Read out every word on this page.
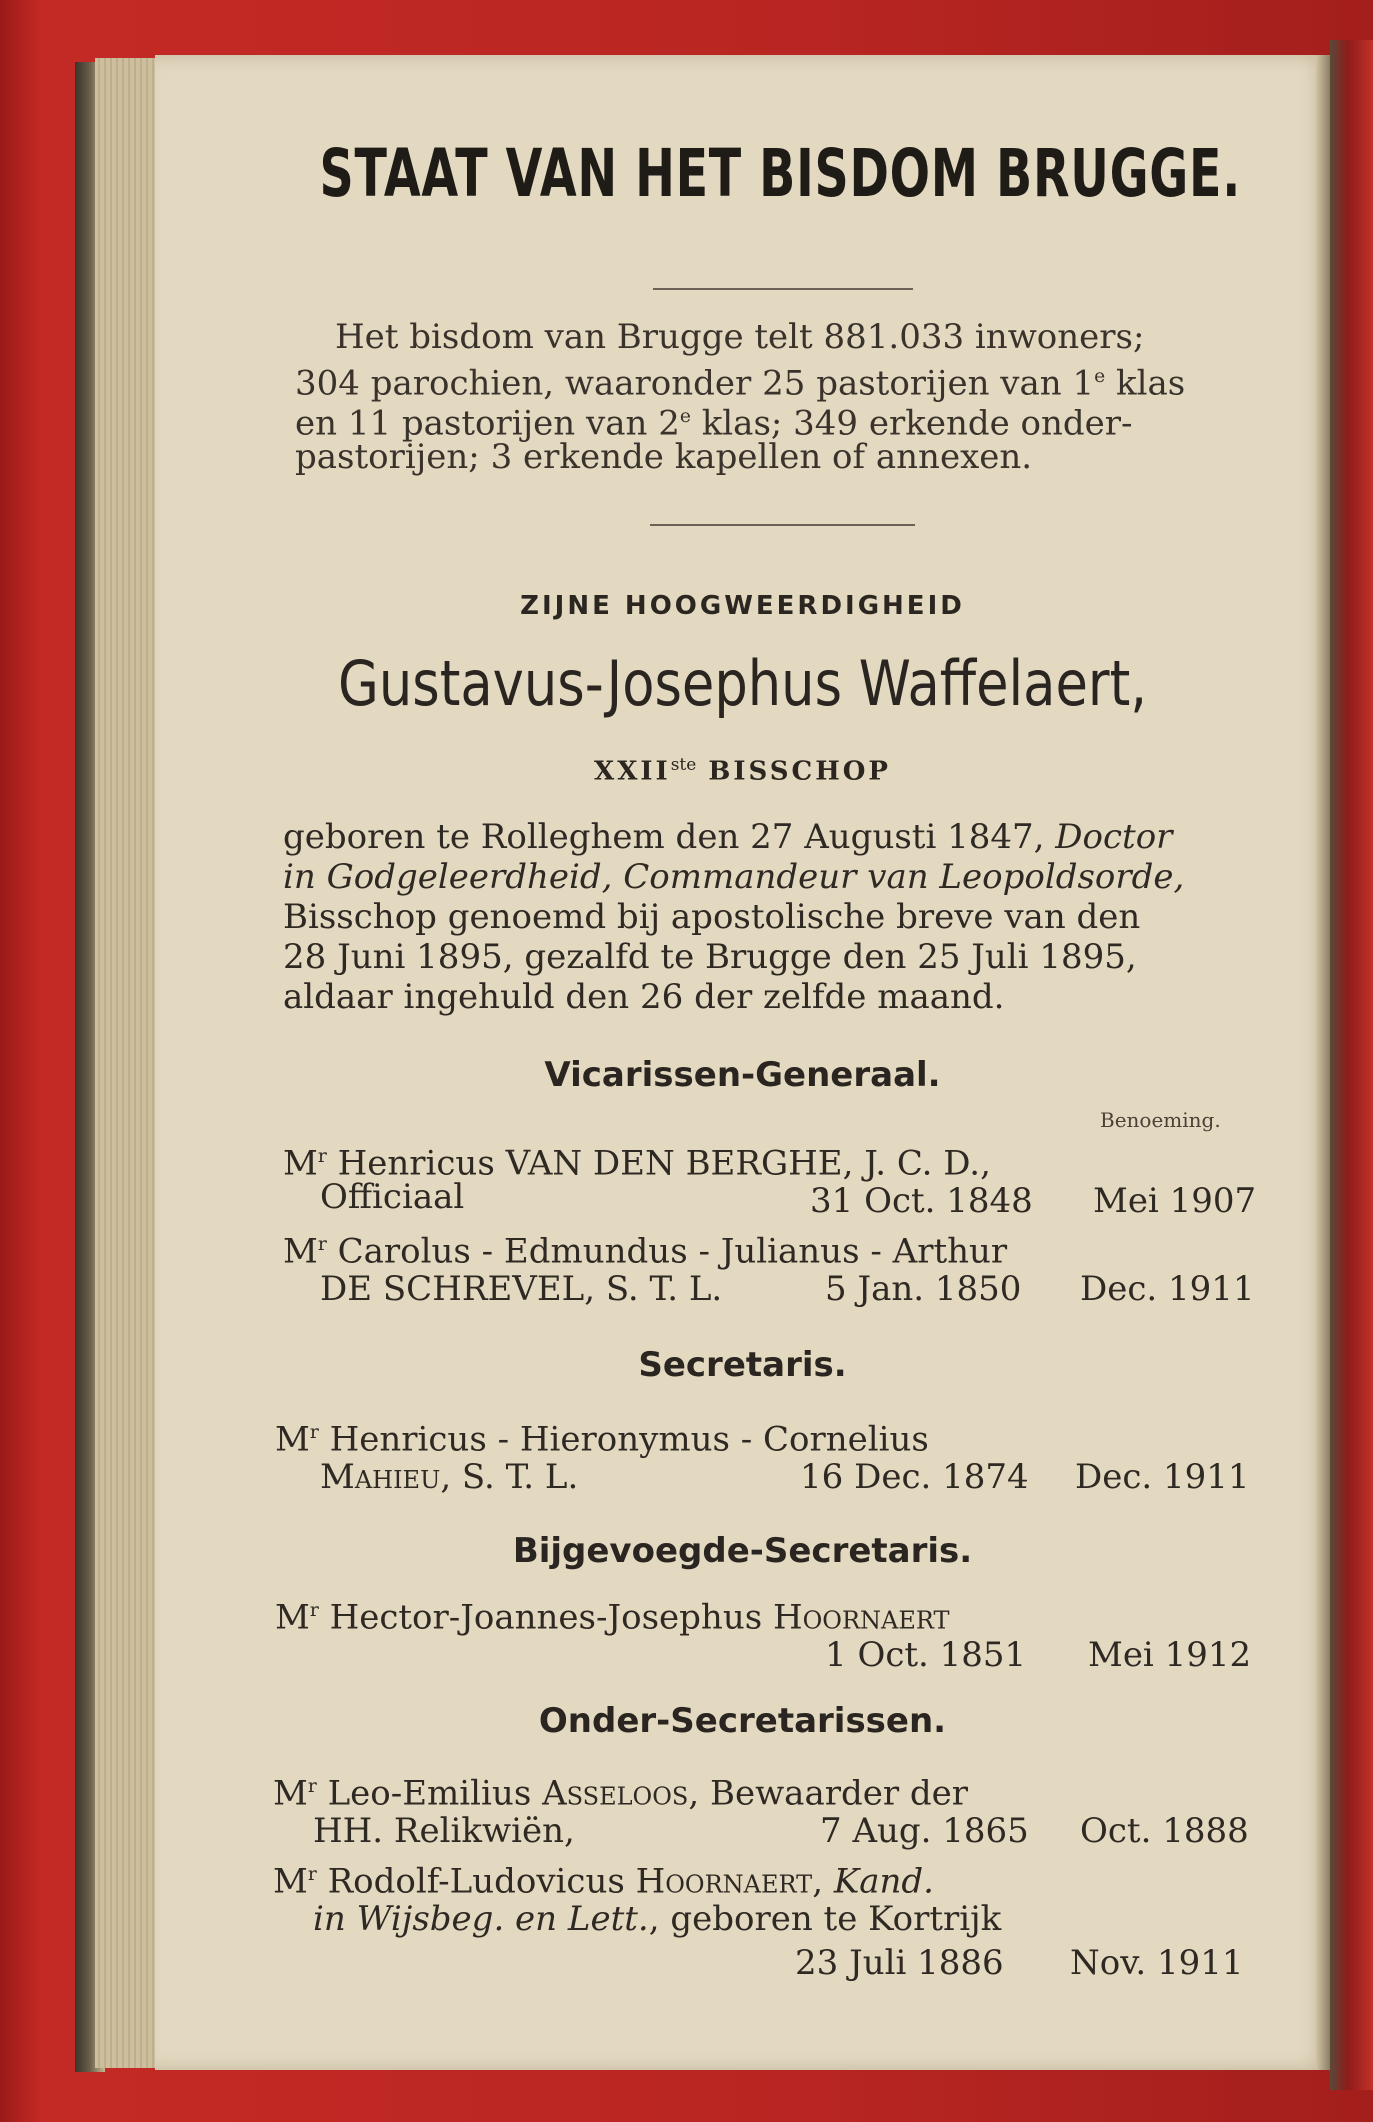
STAAT VAN HET BISDOM BRUGGE.
Het bisdom van Brugge telt 881.033 inwoners;
304 parochien, waaronder 25 pastorijen van 1e klas
en 11 pastorijen van 2e klas; 349 erkende onder-
pastorijen; 3 erkende kapellen of annexen.
ZIJNE HOOGWEERDIGHEID
Gustavus-Josephus Waffelaert,
XXIIste BISSCHOP
geboren te Rolleghem den 27 Augusti 1847, Doctor
in Godgeleerdheid, Commandeur van Leopoldsorde,
Bisschop genoemd bij apostolische breve van den
28 Juni 1895, gezalfd te Brugge den 25 Juli 1895,
aldaar ingehuld den 26 der zelfde maand.
Vicarissen-Generaal.
Benoeming.
$M^r$ Henricus VAN DEN BERGHE, J. C. D.,
Officiaal	31 Oct. 1848 Mei 1907
$M^r$ Carolus - Edmundus - Julianus - Arthur
DE SCHREVEL, S. T. L.	5 Jan. 1850 Dec. 1911
Secretaris.
$M^r$ Henricus - Hieronymus - Cornelius
Mahieu, S. T. L.	16 Dec. 1874 Dec. 1911
Bijgevoegde-Secretaris.
$M^r$ Hector-Joannes-Josephus Hoornaert
1 Oct. 1851 Mei 1912
Onder-Secretarissen.
$M^r$ Leo-Emilius Asseloos, Bewaarder der
HH. Relikwiën,	7 Aug. 1865 Oct. 1888
$M^r$ Rodolf-Ludovicus Hoornaert, Kand.
in Wijsbeg. en Lett., geboren te Kortrijk
23 Juli 1886 Nov. 1911
